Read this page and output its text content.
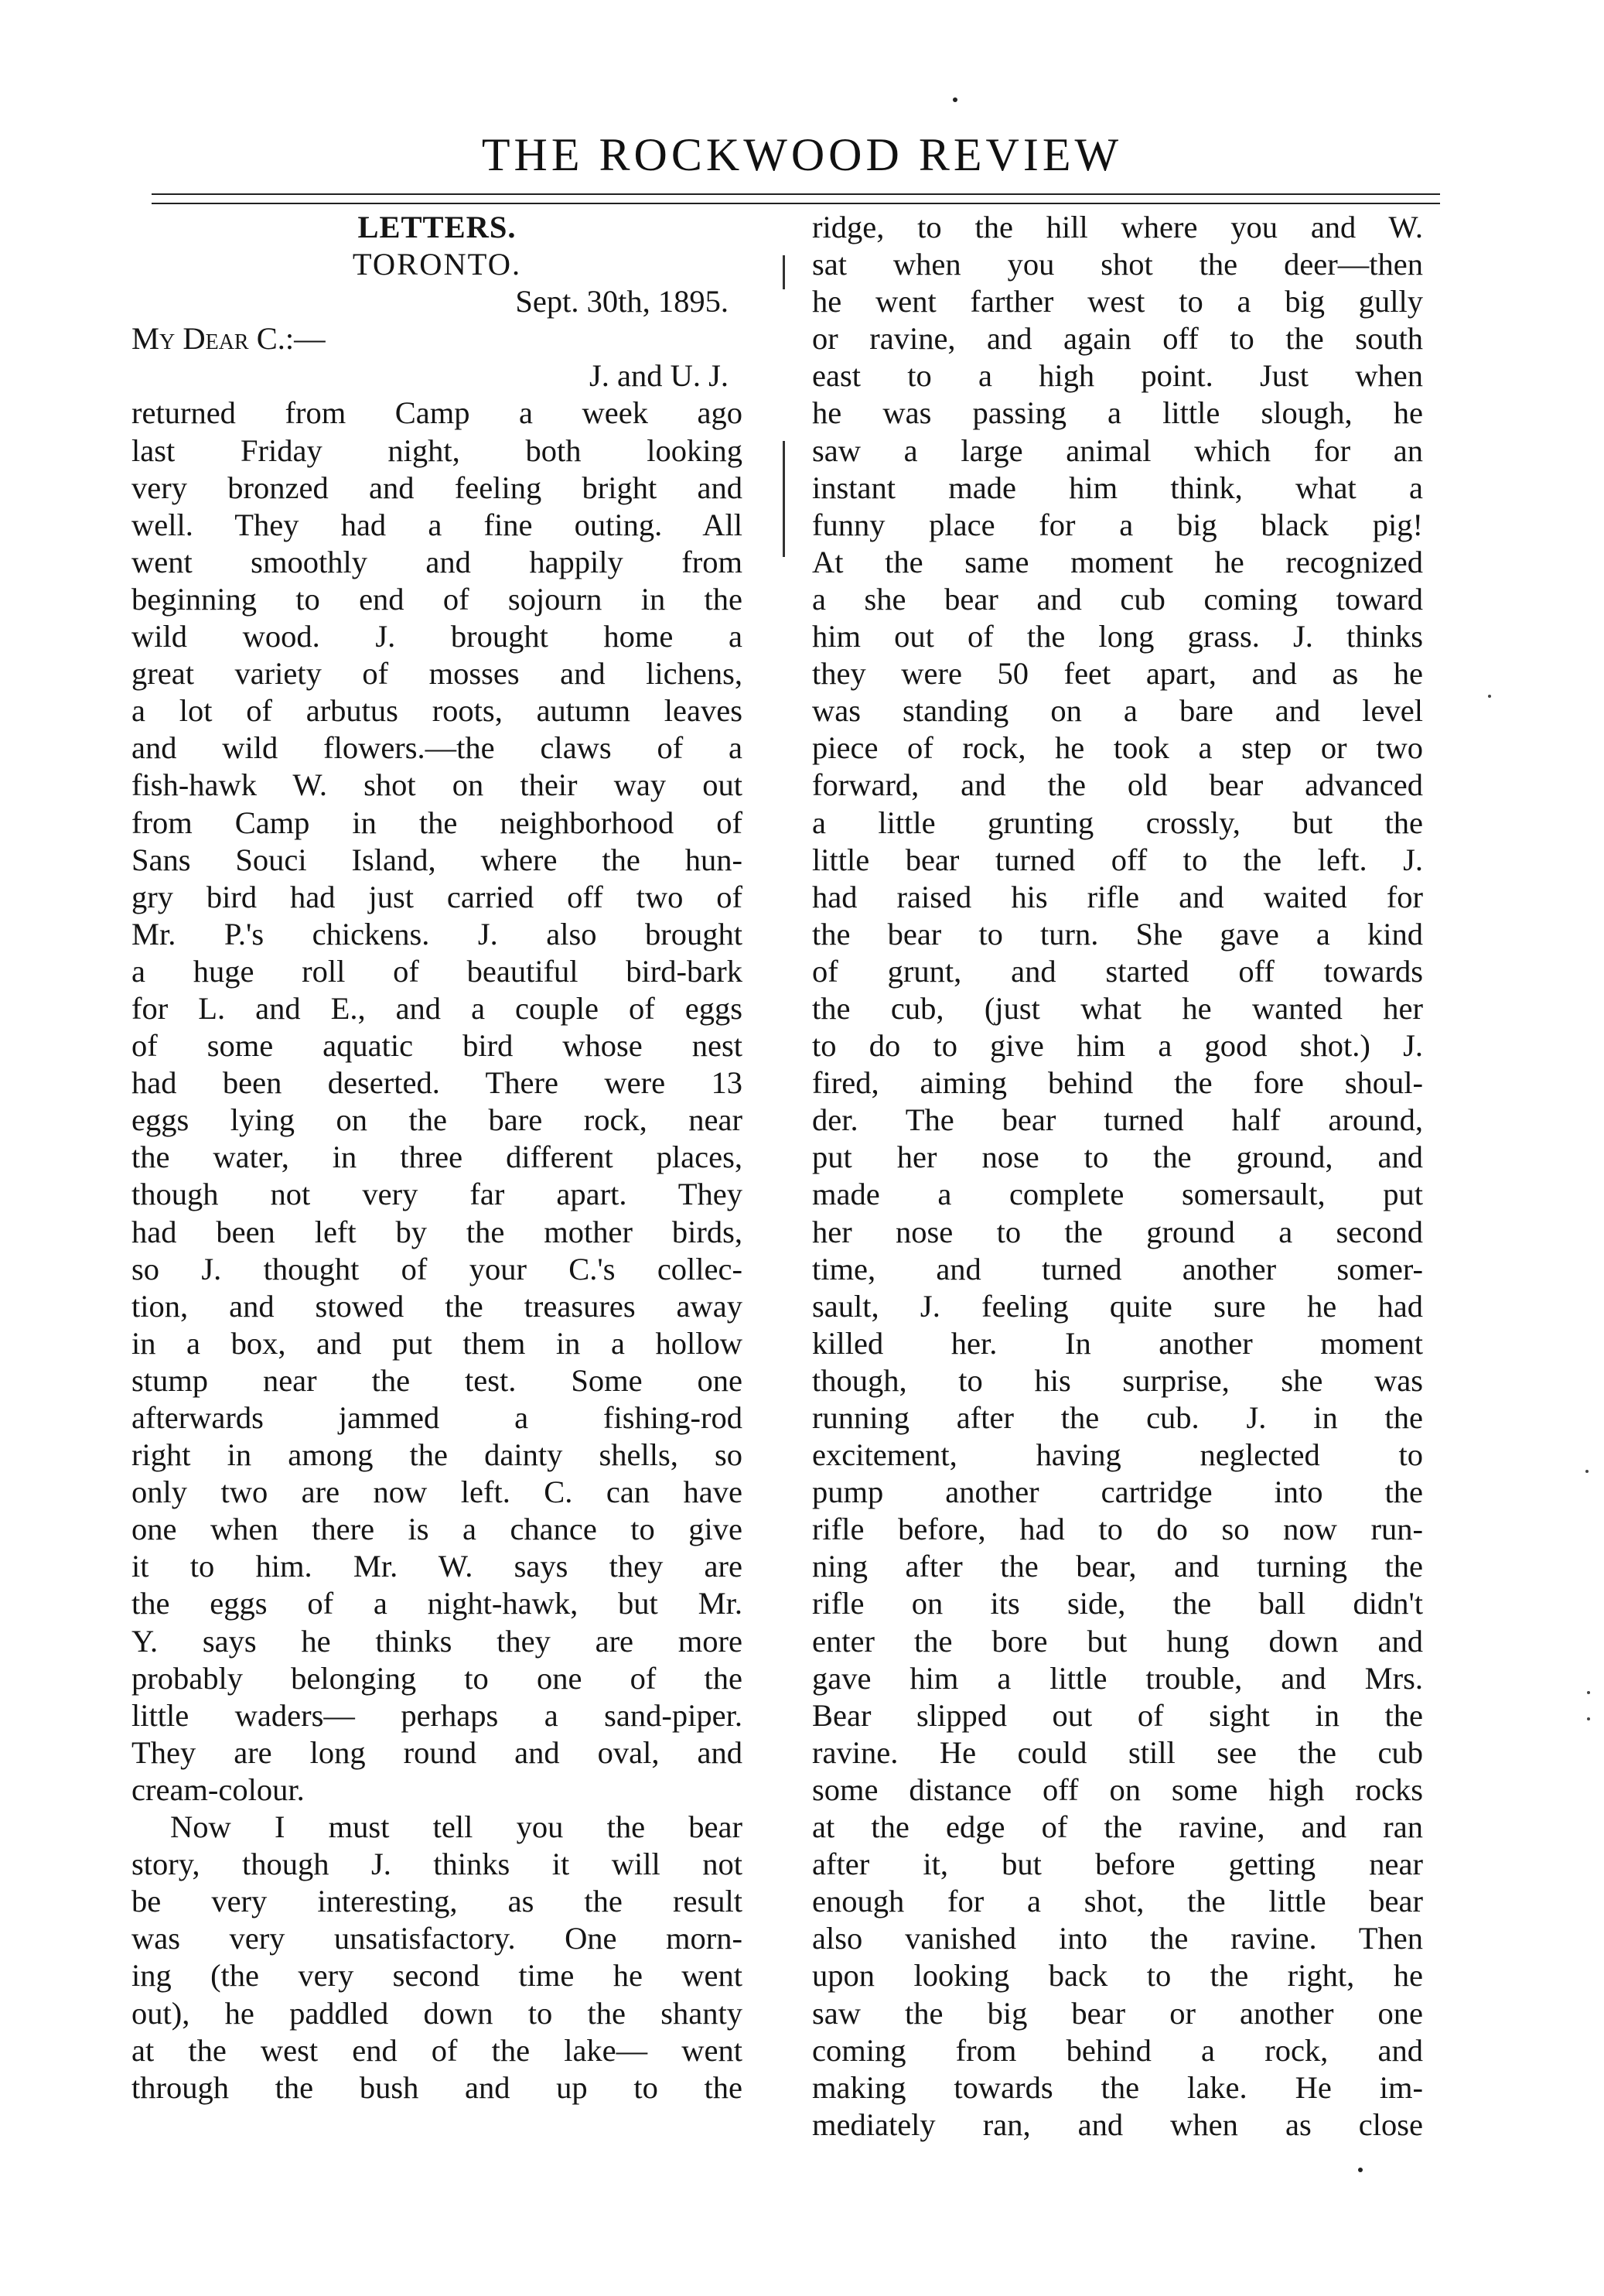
THE ROCKWOOD REVIEW
LETTERS.
TORONTO.
Sept. 30th, 1895.
My Dear C.:—
J. and U. J.
returned from Camp a week ago
last Friday night, both looking
very bronzed and feeling bright and
well. They had a fine outing. All
went smoothly and happily from
beginning to end of sojourn in the
wild wood. J. brought home a
great variety of mosses and lichens,
a lot of arbutus roots, autumn leaves
and wild flowers.—the claws of a
fish-hawk W. shot on their way out
from Camp in the neighborhood of
Sans Souci Island, where the hun-
gry bird had just carried off two of
Mr. P.'s chickens. J. also brought
a huge roll of beautiful bird-bark
for L. and E., and a couple of eggs
of some aquatic bird whose nest
had been deserted. There were 13
eggs lying on the bare rock, near
the water, in three different places,
though not very far apart. They
had been left by the mother birds,
so J. thought of your C.'s collec-
tion, and stowed the treasures away
in a box, and put them in a hollow
stump near the test. Some one
afterwards jammed a fishing-rod
right in among the dainty shells, so
only two are now left. C. can have
one when there is a chance to give
it to him. Mr. W. says they are
the eggs of a night-hawk, but Mr.
Y. says he thinks they are more
probably belonging to one of the
little waders— perhaps a sand-piper.
They are long round and oval, and
cream-colour.
Now I must tell you the bear
story, though J. thinks it will not
be very interesting, as the result
was very unsatisfactory. One morn-
ing (the very second time he went
out), he paddled down to the shanty
at the west end of the lake— went
through the bush and up to the
ridge, to the hill where you and W.
sat when you shot the deer—then
he went farther west to a big gully
or ravine, and again off to the south
east to a high point. Just when
he was passing a little slough, he
saw a large animal which for an
instant made him think, what a
funny place for a big black pig!
At the same moment he recognized
a she bear and cub coming toward
him out of the long grass. J. thinks
they were 50 feet apart, and as he
was standing on a bare and level
piece of rock, he took a step or two
forward, and the old bear advanced
a little grunting crossly, but the
little bear turned off to the left. J.
had raised his rifle and waited for
the bear to turn. She gave a kind
of grunt, and started off towards
the cub, (just what he wanted her
to do to give him a good shot.) J.
fired, aiming behind the fore shoul-
der. The bear turned half around,
put her nose to the ground, and
made a complete somersault, put
her nose to the ground a second
time, and turned another somer-
sault, J. feeling quite sure he had
killed her. In another moment
though, to his surprise, she was
running after the cub. J. in the
excitement, having neglected to
pump another cartridge into the
rifle before, had to do so now run-
ning after the bear, and turning the
rifle on its side, the ball didn't
enter the bore but hung down and
gave him a little trouble, and Mrs.
Bear slipped out of sight in the
ravine. He could still see the cub
some distance off on some high rocks
at the edge of the ravine, and ran
after it, but before getting near
enough for a shot, the little bear
also vanished into the ravine. Then
upon looking back to the right, he
saw the big bear or another one
coming from behind a rock, and
making towards the lake. He im-
mediately ran, and when as close
